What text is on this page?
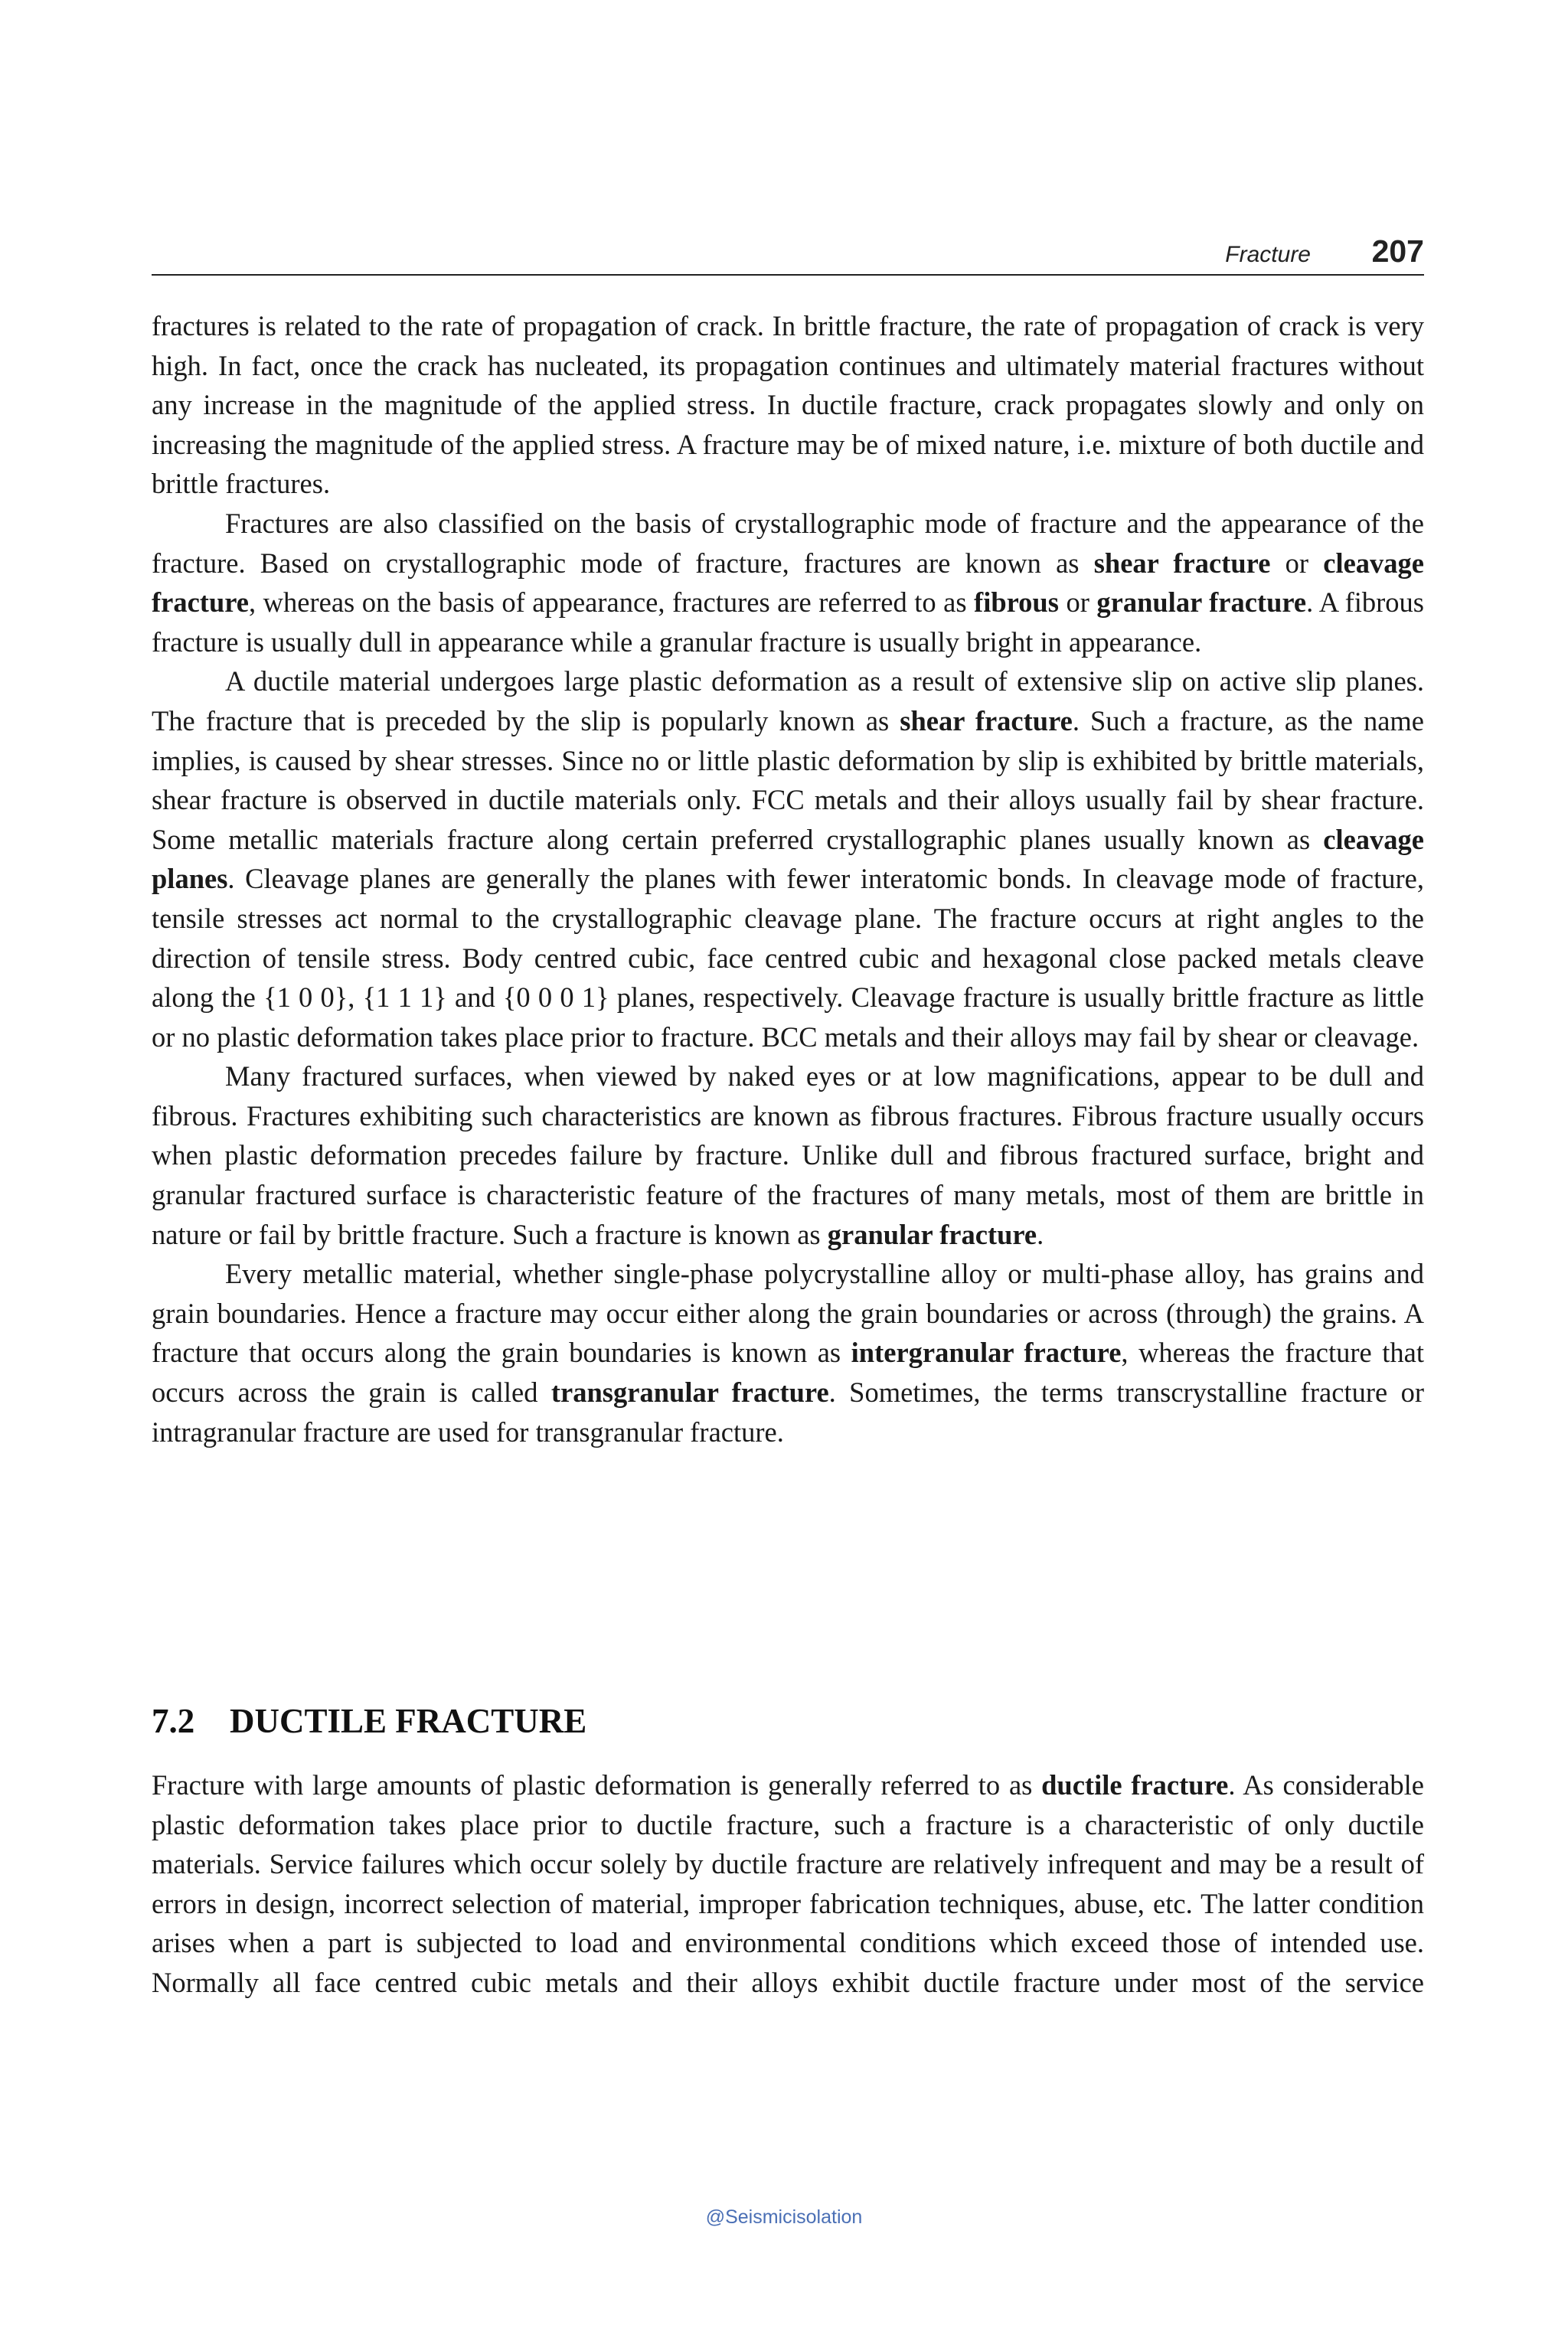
Fracture 207

fractures is related to the rate of propagation of crack. In brittle fracture, the rate of propagation of crack is very high. In fact, once the crack has nucleated, its propagation continues and ultimately material fractures without any increase in the magnitude of the applied stress. In ductile fracture, crack propagates slowly and only on increasing the magnitude of the applied stress. A fracture may be of mixed nature, i.e. mixture of both ductile and brittle fractures.

Fractures are also classified on the basis of crystallographic mode of fracture and the appearance of the fracture. Based on crystallographic mode of fracture, fractures are known as shear fracture or cleavage fracture, whereas on the basis of appearance, fractures are referred to as fibrous or granular fracture. A fibrous fracture is usually dull in appearance while a granular fracture is usually bright in appearance.

A ductile material undergoes large plastic deformation as a result of extensive slip on active slip planes. The fracture that is preceded by the slip is popularly known as shear fracture. Such a fracture, as the name implies, is caused by shear stresses. Since no or little plastic deformation by slip is exhibited by brittle materials, shear fracture is observed in ductile materials only. FCC metals and their alloys usually fail by shear fracture. Some metallic materials fracture along certain preferred crystallographic planes usually known as cleavage planes. Cleavage planes are generally the planes with fewer interatomic bonds. In cleavage mode of fracture, tensile stresses act normal to the crystallographic cleavage plane. The fracture occurs at right angles to the direction of tensile stress. Body centred cubic, face centred cubic and hexagonal close packed metals cleave along the {1 0 0}, {1 1 1} and {0 0 0 1} planes, respectively. Cleavage fracture is usually brittle fracture as little or no plastic deformation takes place prior to fracture. BCC metals and their alloys may fail by shear or cleavage.

Many fractured surfaces, when viewed by naked eyes or at low magnifications, appear to be dull and fibrous. Fractures exhibiting such characteristics are known as fibrous fractures. Fibrous fracture usually occurs when plastic deformation precedes failure by fracture. Unlike dull and fibrous fractured surface, bright and granular fractured surface is characteristic feature of the fractures of many metals, most of them are brittle in nature or fail by brittle fracture. Such a fracture is known as granular fracture.

Every metallic material, whether single-phase polycrystalline alloy or multi-phase alloy, has grains and grain boundaries. Hence a fracture may occur either along the grain boundaries or across (through) the grains. A fracture that occurs along the grain boundaries is known as intergranular fracture, whereas the fracture that occurs across the grain is called transgranular fracture. Sometimes, the terms transcrystalline fracture or intragranular fracture are used for transgranular fracture.

7.2 DUCTILE FRACTURE

Fracture with large amounts of plastic deformation is generally referred to as ductile fracture. As considerable plastic deformation takes place prior to ductile fracture, such a fracture is a characteristic of only ductile materials. Service failures which occur solely by ductile fracture are relatively infrequent and may be a result of errors in design, incorrect selection of material, improper fabrication techniques, abuse, etc. The latter condition arises when a part is subjected to load and environmental conditions which exceed those of intended use. Normally all face centred cubic metals and their alloys exhibit ductile fracture under most of the service

@Seismicisolation
